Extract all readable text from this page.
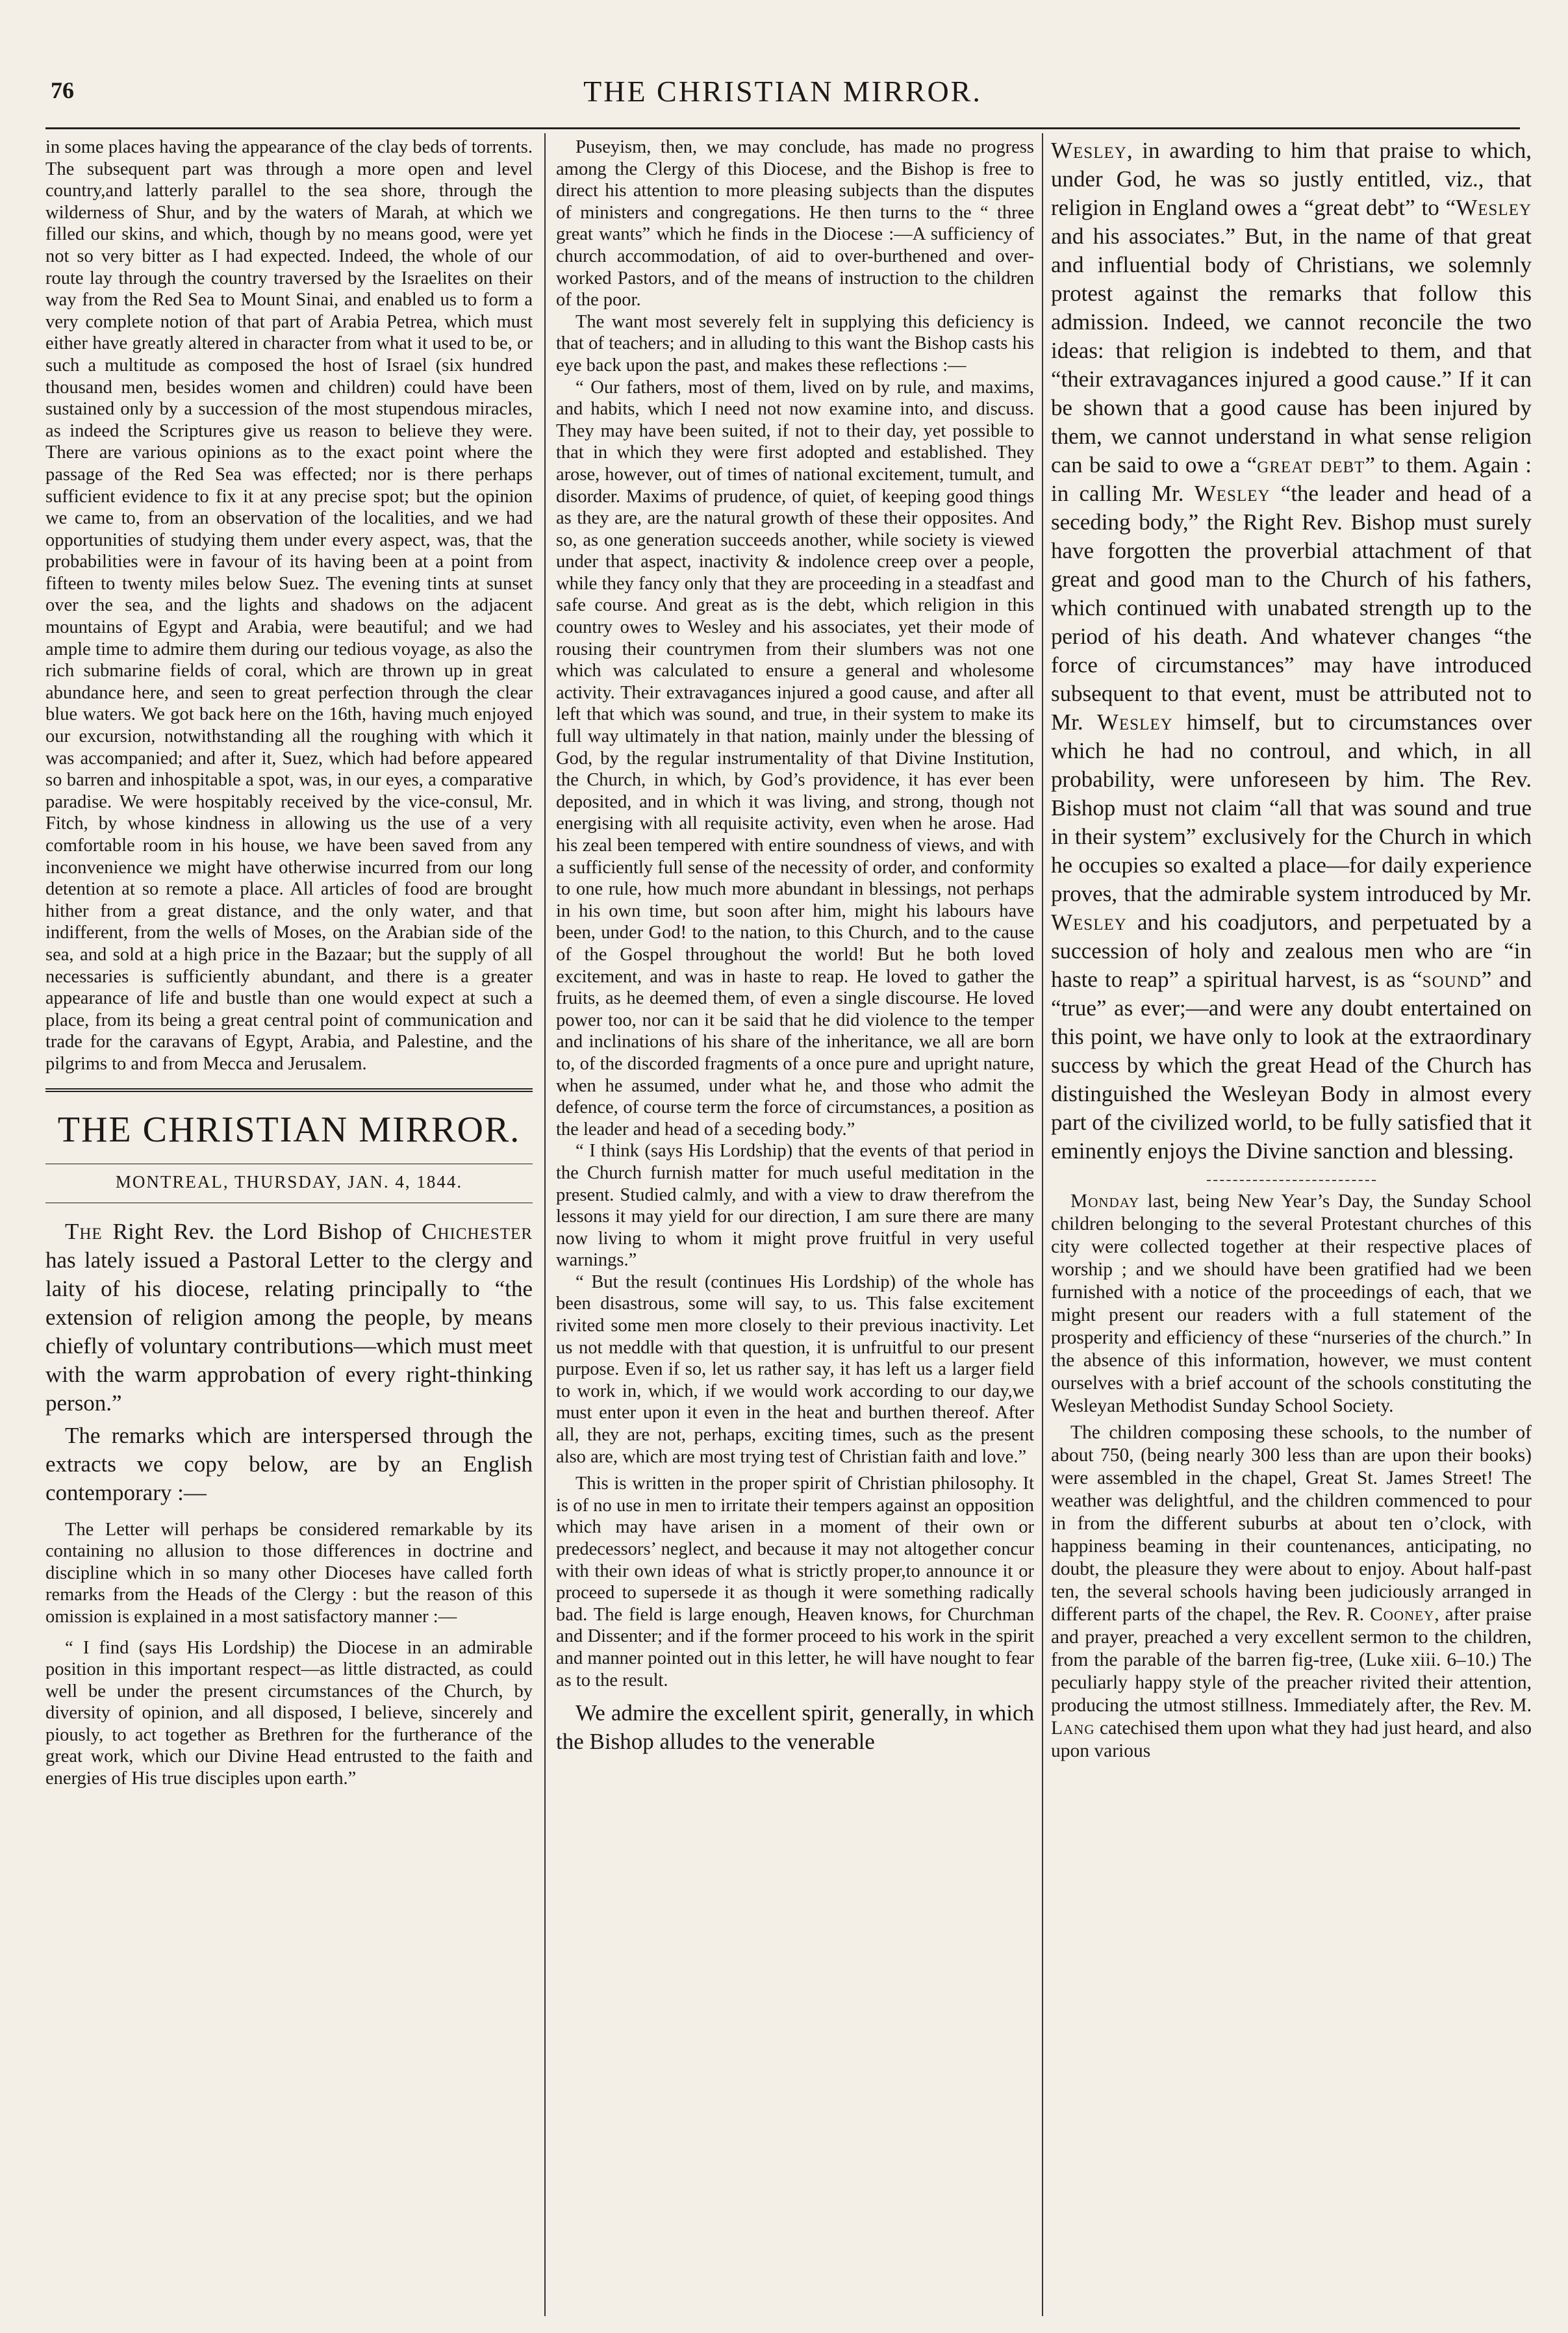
76	THE CHRISTIAN MIRROR.

in some places having the appearance of the clay beds of torrents. The subsequent part was through a more open and level country,and latterly parallel to the sea shore, through the wilderness of Shur, and by the waters of Marah, at which we filled our skins, and which, though by no means good, were yet not so very bitter as I had expected. Indeed, the whole of our route lay through the country traversed by the Israelites on their way from the Red Sea to Mount Sinai, and enabled us to form a very complete notion of that part of Arabia Petrea, which must either have greatly altered in character from what it used to be, or such a multitude as composed the host of Israel (six hundred thousand men, besides women and children) could have been sustained only by a succession of the most stupendous miracles, as indeed the Scriptures give us reason to believe they were. There are various opinions as to the exact point where the passage of the Red Sea was effected; nor is there perhaps sufficient evidence to fix it at any precise spot; but the opinion we came to, from an observation of the localities, and we had opportunities of studying them under every aspect, was, that the probabilities were in favour of its having been at a point from fifteen to twenty miles below Suez. The evening tints at sunset over the sea, and the lights and shadows on the adjacent mountains of Egypt and Arabia, were beautiful; and we had ample time to admire them during our tedious voyage, as also the rich submarine fields of coral, which are thrown up in great abundance here, and seen to great perfection through the clear blue waters. We got back here on the 16th, having much enjoyed our excursion, notwithstanding all the roughing with which it was accompanied; and after it, Suez, which had before appeared so barren and inhospitable a spot, was, in our eyes, a comparative paradise. We were hospitably received by the vice-consul, Mr. Fitch, by whose kindness in allowing us the use of a very comfortable room in his house, we have been saved from any inconvenience we might have otherwise incurred from our long detention at so remote a place. All articles of food are brought hither from a great distance, and the only water, and that indifferent, from the wells of Moses, on the Arabian side of the sea, and sold at a high price in the Bazaar; but the supply of all necessaries is sufficiently abundant, and there is a greater appearance of life and bustle than one would expect at such a place, from its being a great central point of communication and trade for the caravans of Egypt, Arabia, and Palestine, and the pilgrims to and from Mecca and Jerusalem.

THE CHRISTIAN MIRROR.
MONTREAL, THURSDAY, JAN. 4, 1844.

The Right Rev. the Lord Bishop of Chichester has lately issued a Pastoral Letter to the clergy and laity of his diocese, relating principally to “the extension of religion among the people, by means chiefly of voluntary contributions—which must meet with the warm approbation of every right-thinking person.”

The remarks which are interspersed through the extracts we copy below, are by an English contemporary :—

The Letter will perhaps be considered remarkable by its containing no allusion to those differences in doctrine and discipline which in so many other Dioceses have called forth remarks from the Heads of the Clergy : but the reason of this omission is explained in a most satisfactory manner :—

“ I find (says His Lordship) the Diocese in an admirable position in this important respect—as little distracted, as could well be under the present circumstances of the Church, by diversity of opinion, and all disposed, I believe, sincerely and piously, to act together as Brethren for the furtherance of the great work, which our Divine Head entrusted to the faith and energies of His true disciples upon earth.”

Puseyism, then, we may conclude, has made no progress among the Clergy of this Diocese, and the Bishop is free to direct his attention to more pleasing subjects than the disputes of ministers and congregations. He then turns to the “ three great wants” which he finds in the Diocese :—A sufficiency of church accommodation, of aid to over-burthened and over-worked Pastors, and of the means of instruction to the children of the poor.

The want most severely felt in supplying this deficiency is that of teachers; and in alluding to this want the Bishop casts his eye back upon the past, and makes these reflections :—

“ Our fathers, most of them, lived on by rule, and maxims, and habits, which I need not now examine into, and discuss. They may have been suited, if not to their day, yet possible to that in which they were first adopted and established. They arose, however, out of times of national excitement, tumult, and disorder. Maxims of prudence, of quiet, of keeping good things as they are, are the natural growth of these their opposites. And so, as one generation succeeds another, while society is viewed under that aspect, inactivity & indolence creep over a people, while they fancy only that they are proceeding in a steadfast and safe course. And great as is the debt, which religion in this country owes to Wesley and his associates, yet their mode of rousing their countrymen from their slumbers was not one which was calculated to ensure a general and wholesome activity. Their extravagances injured a good cause, and after all left that which was sound, and true, in their system to make its full way ultimately in that nation, mainly under the blessing of God, by the regular instrumentality of that Divine Institution, the Church, in which, by God’s providence, it has ever been deposited, and in which it was living, and strong, though not energising with all requisite activity, even when he arose. Had his zeal been tempered with entire soundness of views, and with a sufficiently full sense of the necessity of order, and conformity to one rule, how much more abundant in blessings, not perhaps in his own time, but soon after him, might his labours have been, under God! to the nation, to this Church, and to the cause of the Gospel throughout the world! But he both loved excitement, and was in haste to reap. He loved to gather the fruits, as he deemed them, of even a single discourse. He loved power too, nor can it be said that he did violence to the temper and inclinations of his share of the inheritance, we all are born to, of the discorded fragments of a once pure and upright nature, when he assumed, under what he, and those who admit the defence, of course term the force of circumstances, a position as the leader and head of a seceding body.”

“ I think (says His Lordship) that the events of that period in the Church furnish matter for much useful meditation in the present. Studied calmly, and with a view to draw therefrom the lessons it may yield for our direction, I am sure there are many now living to whom it might prove fruitful in very useful warnings.”

“ But the result (continues His Lordship) of the whole has been disastrous, some will say, to us. This false excitement rivited some men more closely to their previous inactivity. Let us not meddle with that question, it is unfruitful to our present purpose. Even if so, let us rather say, it has left us a larger field to work in, which, if we would work according to our day,we must enter upon it even in the heat and burthen thereof. After all, they are not, perhaps, exciting times, such as the present also are, which are most trying test of Christian faith and love.”

This is written in the proper spirit of Christian philosophy. It is of no use in men to irritate their tempers against an opposition which may have arisen in a moment of their own or predecessors’ neglect, and because it may not altogether concur with their own ideas of what is strictly proper,to announce it or proceed to supersede it as though it were something radically bad. The field is large enough, Heaven knows, for Churchman and Dissenter; and if the former proceed to his work in the spirit and manner pointed out in this letter, he will have nought to fear as to the result.

We admire the excellent spirit, generally, in which the Bishop alludes to the venerable

Wesley, in awarding to him that praise to which, under God, he was so justly entitled, viz., that religion in England owes a “great debt” to “Wesley and his associates.” But, in the name of that great and influential body of Christians, we solemnly protest against the remarks that follow this admission. Indeed, we cannot reconcile the two ideas: that religion is indebted to them, and that “their extravagances injured a good cause.” If it can be shown that a good cause has been injured by them, we cannot understand in what sense religion can be said to owe a “great debt” to them. Again : in calling Mr. Wesley “the leader and head of a seceding body,” the Right Rev. Bishop must surely have forgotten the proverbial attachment of that great and good man to the Church of his fathers, which continued with unabated strength up to the period of his death. And whatever changes “the force of circumstances” may have introduced subsequent to that event, must be attributed not to Mr. Wesley himself, but to circumstances over which he had no controul, and which, in all probability, were unforeseen by him. The Rev. Bishop must not claim “all that was sound and true in their system” exclusively for the Church in which he occupies so exalted a place—for daily experience proves, that the admirable system introduced by Mr. Wesley and his coadjutors, and perpetuated by a succession of holy and zealous men who are “in haste to reap” a spiritual harvest, is as “sound” and “true” as ever;—and were any doubt entertained on this point, we have only to look at the extraordinary success by which the great Head of the Church has distinguished the Wesleyan Body in almost every part of the civilized world, to be fully satisfied that it eminently enjoys the Divine sanction and blessing.

Monday last, being New Year’s Day, the Sunday School children belonging to the several Protestant churches of this city were collected together at their respective places of worship ; and we should have been gratified had we been furnished with a notice of the proceedings of each, that we might present our readers with a full statement of the prosperity and efficiency of these “nurseries of the church.” In the absence of this information, however, we must content ourselves with a brief account of the schools constituting the Wesleyan Methodist Sunday School Society.

The children composing these schools, to the number of about 750, (being nearly 300 less than are upon their books) were assembled in the chapel, Great St. James Street! The weather was delightful, and the children commenced to pour in from the different suburbs at about ten o’clock, with happiness beaming in their countenances, anticipating, no doubt, the pleasure they were about to enjoy. About half-past ten, the several schools having been judiciously arranged in different parts of the chapel, the Rev. R. Cooney, after praise and prayer, preached a very excellent sermon to the children, from the parable of the barren fig-tree, (Luke xiii. 6–10.) The peculiarly happy style of the preacher rivited their attention, producing the utmost stillness. Immediately after, the Rev. M. Lang catechised them upon what they had just heard, and also upon various
